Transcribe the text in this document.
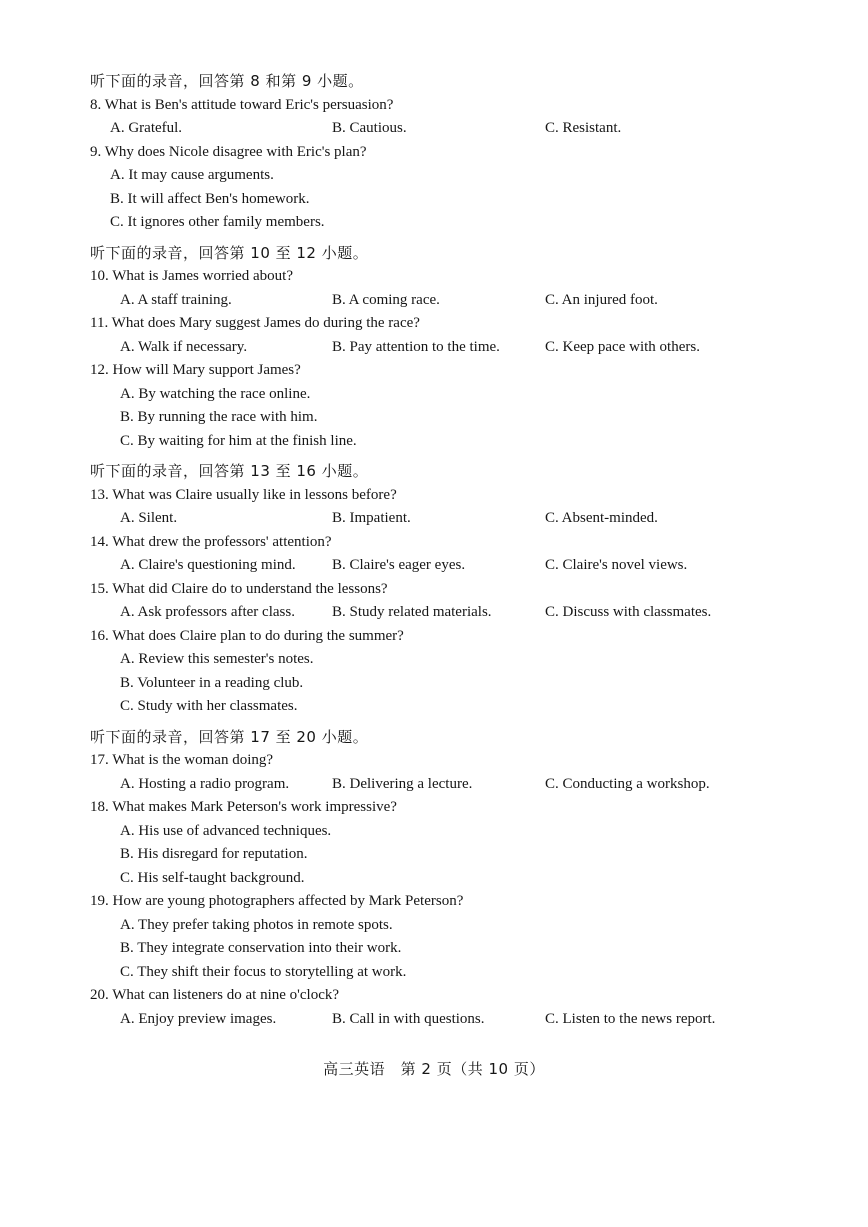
听下面的录音，回答第 8 和第 9 小题。
8. What is Ben's attitude toward Eric's persuasion?
A. Grateful.	B. Cautious.	C. Resistant.
9. Why does Nicole disagree with Eric's plan?
A. It may cause arguments.
B. It will affect Ben's homework.
C. It ignores other family members.
听下面的录音，回答第 10 至 12 小题。
10. What is James worried about?
A. A staff training.	B. A coming race.	C. An injured foot.
11. What does Mary suggest James do during the race?
A. Walk if necessary.	B. Pay attention to the time.	C. Keep pace with others.
12. How will Mary support James?
A. By watching the race online.
B. By running the race with him.
C. By waiting for him at the finish line.
听下面的录音，回答第 13 至 16 小题。
13. What was Claire usually like in lessons before?
A. Silent.	B. Impatient.	C. Absent-minded.
14. What drew the professors' attention?
A. Claire's questioning mind. B. Claire's eager eyes.	C. Claire's novel views.
15. What did Claire do to understand the lessons?
A. Ask professors after class. B. Study related materials.	C. Discuss with classmates.
16. What does Claire plan to do during the summer?
A. Review this semester's notes.
B. Volunteer in a reading club.
C. Study with her classmates.
听下面的录音，回答第 17 至 20 小题。
17. What is the woman doing?
A. Hosting a radio program.	B. Delivering a lecture.	C. Conducting a workshop.
18. What makes Mark Peterson's work impressive?
A. His use of advanced techniques.
B. His disregard for reputation.
C. His self-taught background.
19. How are young photographers affected by Mark Peterson?
A. They prefer taking photos in remote spots.
B. They integrate conservation into their work.
C. They shift their focus to storytelling at work.
20. What can listeners do at nine o'clock?
A. Enjoy preview images.	B. Call in with questions.	C. Listen to the news report.
高三英语　第 2 页（共 10 页）
